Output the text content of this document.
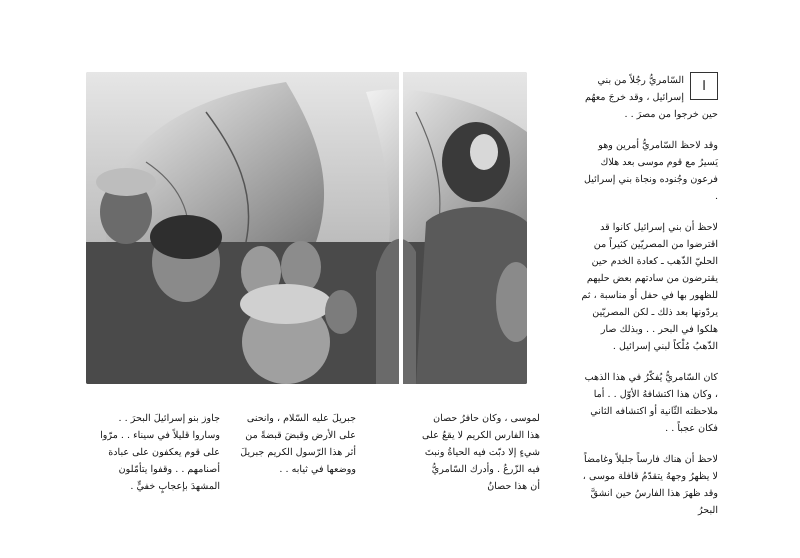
ا
السّامريُّ رجُلاً من بني إسرائيل ، وقد خرجَ معهُم حين خرجوا من مصرَ . .

وقد لاحظ السّامريُّ أمرين وهو يَسيرُ مع قوم موسى بعد هلاك فرعون وجُنوده ونجاة بني إسرائيل .

لاحظ أن بني إسرائيل كانوا قد اقترضوا من المصريّين كثيراً من الحليّ الذّهب ـ كعادة الخدم حين يقترضون من سادتهم بعض حليهم للظهور بها في حفل أو مناسبة ، ثم يردّونها بعد ذلك ـ لكن المصريّين هلكوا في البحر . . وبذلك صار الذّهبُ مُلْكاً لبني إسرائيل .

كان السّامريُّ يُفكّرُ في هذا الذهب ، وكان هذا اكتشافهُ الأوّل . . أما ملاحظته الثّانية أو اكتشافه الثاني فكان عجباً . .

لاحظ أن هناك فارساً جليلاً وغامضاً لا يظهرُ وجههُ يتقدّمُ قافلة موسى ، وقد ظهرَ هذا الفارسُ حين انشقَّ البحرُ

لموسى ، وكان حافرُ حصان هذا الفارس الكريم لا يقعُ على شيءٍ إلا دبّت فيه الحياةُ ونبتَ فيه الزّرعُ . وأدرك السّامريُّ أن هذا حصانُ

جبريلَ عليه السّلام ، وانحنى على الأرض وقبضَ قبضةً من أثر هذا الرّسول الكريم جبريلَ ووضعها في ثيابه . .

جاوز بنو إسرائيلَ البحرَ . . وساروا قليلاً في سيناء . . مرّوا على قوم يعكفون على عبادة أصنامهم . . وقفوا يتأمّلون المشهدَ بإعجابٍ خفيٍّ .
